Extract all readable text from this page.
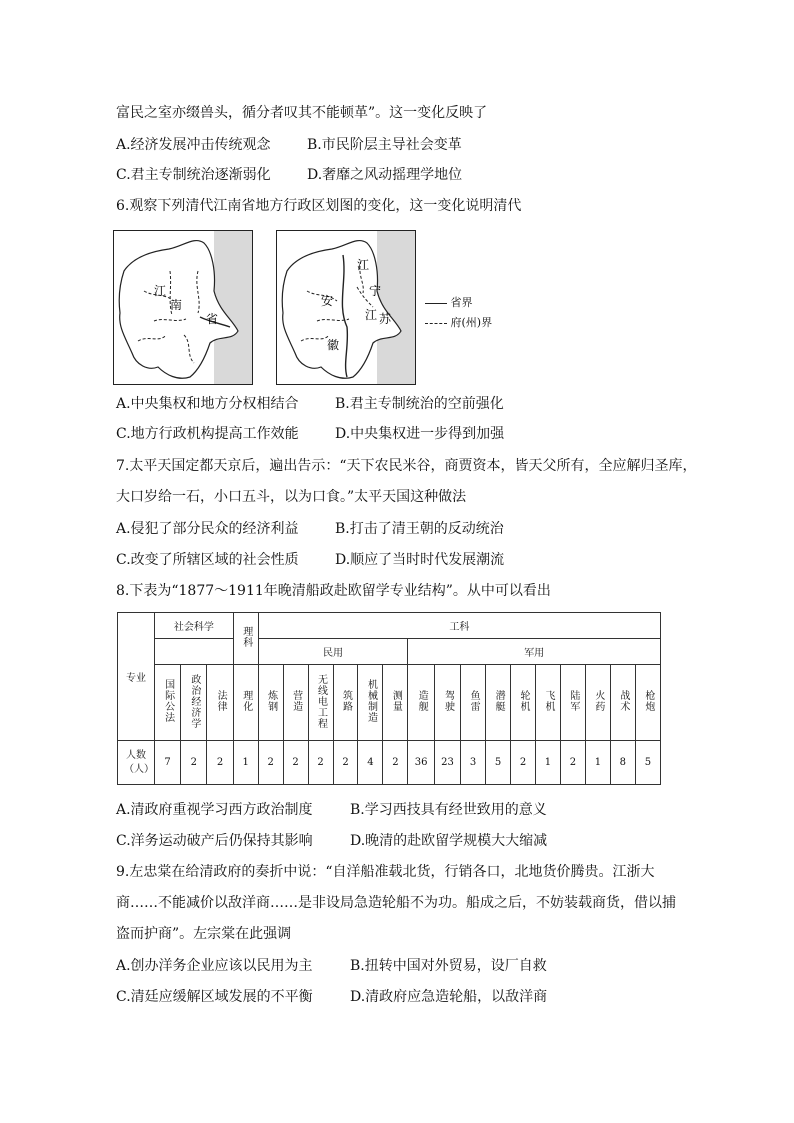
富民之室亦缀兽头，循分者叹其不能顿革”。这一变化反映了
A.经济发展冲击传统观念	B.市民阶层主导社会变革
C.君主专制统治逐渐弱化	D.奢靡之风动摇理学地位
6.观察下列清代江南省地方行政区划图的变化，这一变化说明清代
江
南
省
江
安
宁
江 苏
徽
省界
府(州)界
A.中央集权和地方分权相结合	B.君主专制统治的空前强化
C.地方行政机构提高工作效能	D.中央集权进一步得到加强
7.太平天国定都天京后，遍出告示：“天下农民米谷，商贾资本，皆天父所有，全应解归圣库，
大口岁给一石，小口五斗，以为口食。”太平天国这种做法
A.侵犯了部分民众的经济利益	B.打击了清王朝的反动统治
C.改变了所辖区域的社会性质	D.顺应了当时时代发展潮流
8.下表为“1877～1911年晚清船政赴欧留学专业结构”。从中可以看出
专业	社会科学			理科	工科															
					民用						军用									
	国际公法	政治经济学	法律	理化	炼钢	营造	无线电工程	筑路	机械制造	测量	造舰	驾驶	鱼雷	潜艇	轮机	飞机	陆军	火药	战术	枪炮
人数（人）	7	2	2	1	2	2	2	2	4	2	36	23	3	5	2	1	2	1	8	5
A.清政府重视学习西方政治制度	B.学习西技具有经世致用的意义
C.洋务运动破产后仍保持其影响	D.晚清的赴欧留学规模大大缩减
9.左忠棠在给清政府的奏折中说：“自洋船准载北货，行销各口，北地货价腾贵。江浙大
商……不能减价以敌洋商……是非设局急造轮船不为功。船成之后，不妨装载商货，借以捕
盗而护商”。左宗棠在此强调
A.创办洋务企业应该以民用为主	B.扭转中国对外贸易，设厂自救
C.清廷应缓解区域发展的不平衡	D.清政府应急造轮船，以敌洋商
